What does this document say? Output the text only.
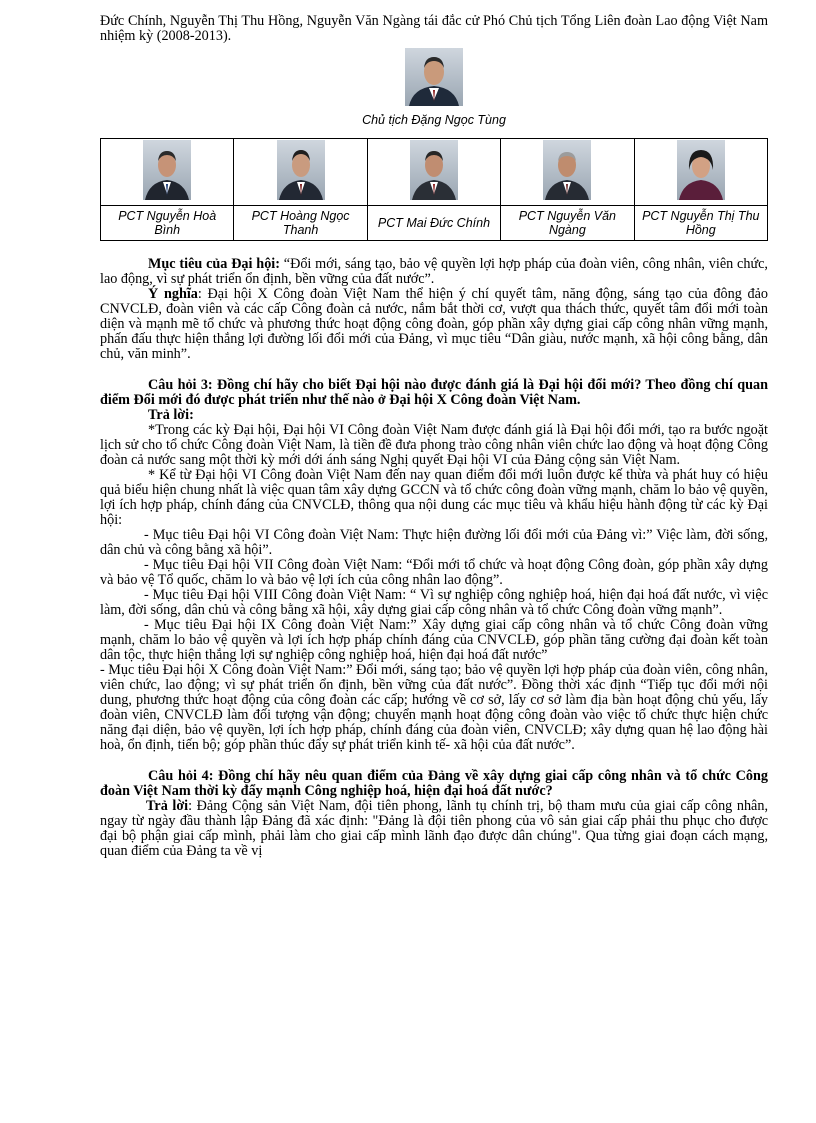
Đức Chính, Nguyễn Thị Thu Hồng, Nguyễn Văn Ngàng tái đắc cử Phó Chủ tịch Tổng Liên đoàn Lao động Việt Nam nhiệm kỳ (2008-2013).

Chủ tịch Đặng Ngọc Tùng

PCT Nguyễn Hoà Bình	PCT Hoàng Ngọc Thanh	PCT Mai Đức Chính	PCT Nguyễn Văn Ngàng	PCT Nguyễn Thị Thu Hồng

Mục tiêu của Đại hội: “Đổi mới, sáng tạo, bảo vệ quyền lợi hợp pháp của đoàn viên, công nhân, viên chức, lao động, vì sự phát triển ổn định, bền vững của đất nước”.

Ý nghĩa: Đại hội X Công đoàn Việt Nam thể hiện ý chí quyết tâm, năng động, sáng tạo của đông đảo CNVCLĐ, đoàn viên và các cấp Công đoàn cả nước, nắm bắt thời cơ, vượt qua thách thức, quyết tâm đổi mới toàn diện và mạnh mẽ tổ chức và phương thức hoạt động công đoàn, góp phần xây dựng giai cấp công nhân vững mạnh, phấn đấu thực hiện thắng lợi đường lối đổi mới của Đảng, vì mục tiêu “Dân giàu, nước mạnh, xã hội công bằng, dân chủ, văn minh”.

Câu hỏi 3: Đồng chí hãy cho biết Đại hội nào được đánh giá là Đại hội đổi mới? Theo đồng chí quan điểm Đổi mới đó được phát triển như thế nào ở Đại hội X Công đoàn Việt Nam.

Trả lời:

*Trong các kỳ Đại hội, Đại hội VI Công đoàn Việt Nam được đánh giá là Đại hội đổi mới, tạo ra bước ngoặt lịch sử cho tổ chức Công đoàn Việt Nam, là tiền đề đưa phong trào công nhân viên chức lao động và hoạt động Công đoàn cả nước sang một thời kỳ mới dới ánh sáng Nghị quyết Đại hội VI của Đảng cộng sản Việt Nam.

* Kể từ Đại hội VI Công đoàn Việt Nam đến nay quan điểm đổi mới luôn được kế thừa và phát huy có hiệu quả biểu hiện chung nhất là việc quan tâm xây dựng GCCN và tổ chức công đoàn vững mạnh, chăm lo bảo vệ quyền, lợi ích hợp pháp, chính đáng của CNVCLĐ, thông qua nội dung các mục tiêu và khẩu hiệu hành động từ các kỳ Đại hội:

- Mục tiêu Đại hội VI Công đoàn Việt Nam: Thực hiện đường lối đổi mới của Đảng vì:” Việc làm, đời sống, dân chủ và công bằng xã hội”.

- Mục tiêu Đại hội VII Công đoàn Việt Nam: “Đổi mới tổ chức và hoạt động Công đoàn, góp phần xây dựng và bảo vệ Tổ quốc, chăm lo và bảo vệ lợi ích của công nhân lao động”.

- Mục tiêu Đại hội VIII Công đoàn Việt Nam: “ Vì sự nghiệp công nghiệp hoá, hiện đại hoá đất nước, vì việc làm, đời sống, dân chủ và công bằng xã hội, xây dựng giai cấp công nhân và tổ chức Công đoàn vững mạnh”.

- Mục tiêu Đại hội IX Công đoàn Việt Nam:” Xây dựng giai cấp công nhân và tổ chức Công đoàn vững mạnh, chăm lo bảo vệ quyền và lợi ích hợp pháp chính đáng của CNVCLĐ, góp phần tăng cường đại đoàn kết toàn dân tộc, thực hiện thắng lợi sự nghiệp công nghiệp hoá, hiện đại hoá đất nước”

- Mục tiêu Đại hội X Công đoàn Việt Nam:” Đổi mới, sáng tạo; bảo vệ quyền lợi hợp pháp của đoàn viên, công nhân, viên chức, lao động; vì sự phát triển ổn định, bền vững của đất nước”. Đồng thời xác định “Tiếp tục đổi mới nội dung, phương thức hoạt động của công đoàn các cấp; hướng về cơ sở, lấy cơ sở làm địa bàn hoạt động chủ yếu, lấy đoàn viên, CNVCLĐ làm đối tượng vận động; chuyển mạnh hoạt động công đoàn vào việc tổ chức thực hiện chức năng đại diện, bảo vệ quyền, lợi ích hợp pháp, chính đáng của đoàn viên, CNVCLĐ; xây dựng quan hệ lao động hài hoà, ổn định, tiến bộ; góp phần thúc đẩy sự phát triển kinh tế- xã hội của đất nước”.

Câu hỏi 4: Đồng chí hãy nêu quan điểm của Đảng về xây dựng giai cấp công nhân và tổ chức Công đoàn Việt Nam thời kỳ đẩy mạnh Công nghiệp hoá, hiện đại hoá đất nước?

Trả lời: Đảng Cộng sản Việt Nam, đội tiên phong, lãnh tụ chính trị, bộ tham mưu của giai cấp công nhân, ngay từ ngày đầu thành lập Đảng đã xác định: "Đảng là đội tiên phong của vô sản giai cấp phải thu phục cho được đại bộ phận giai cấp mình, phải làm cho giai cấp mình lãnh đạo được dân chúng". Qua từng giai đoạn cách mạng, quan điểm của Đảng ta về vị
